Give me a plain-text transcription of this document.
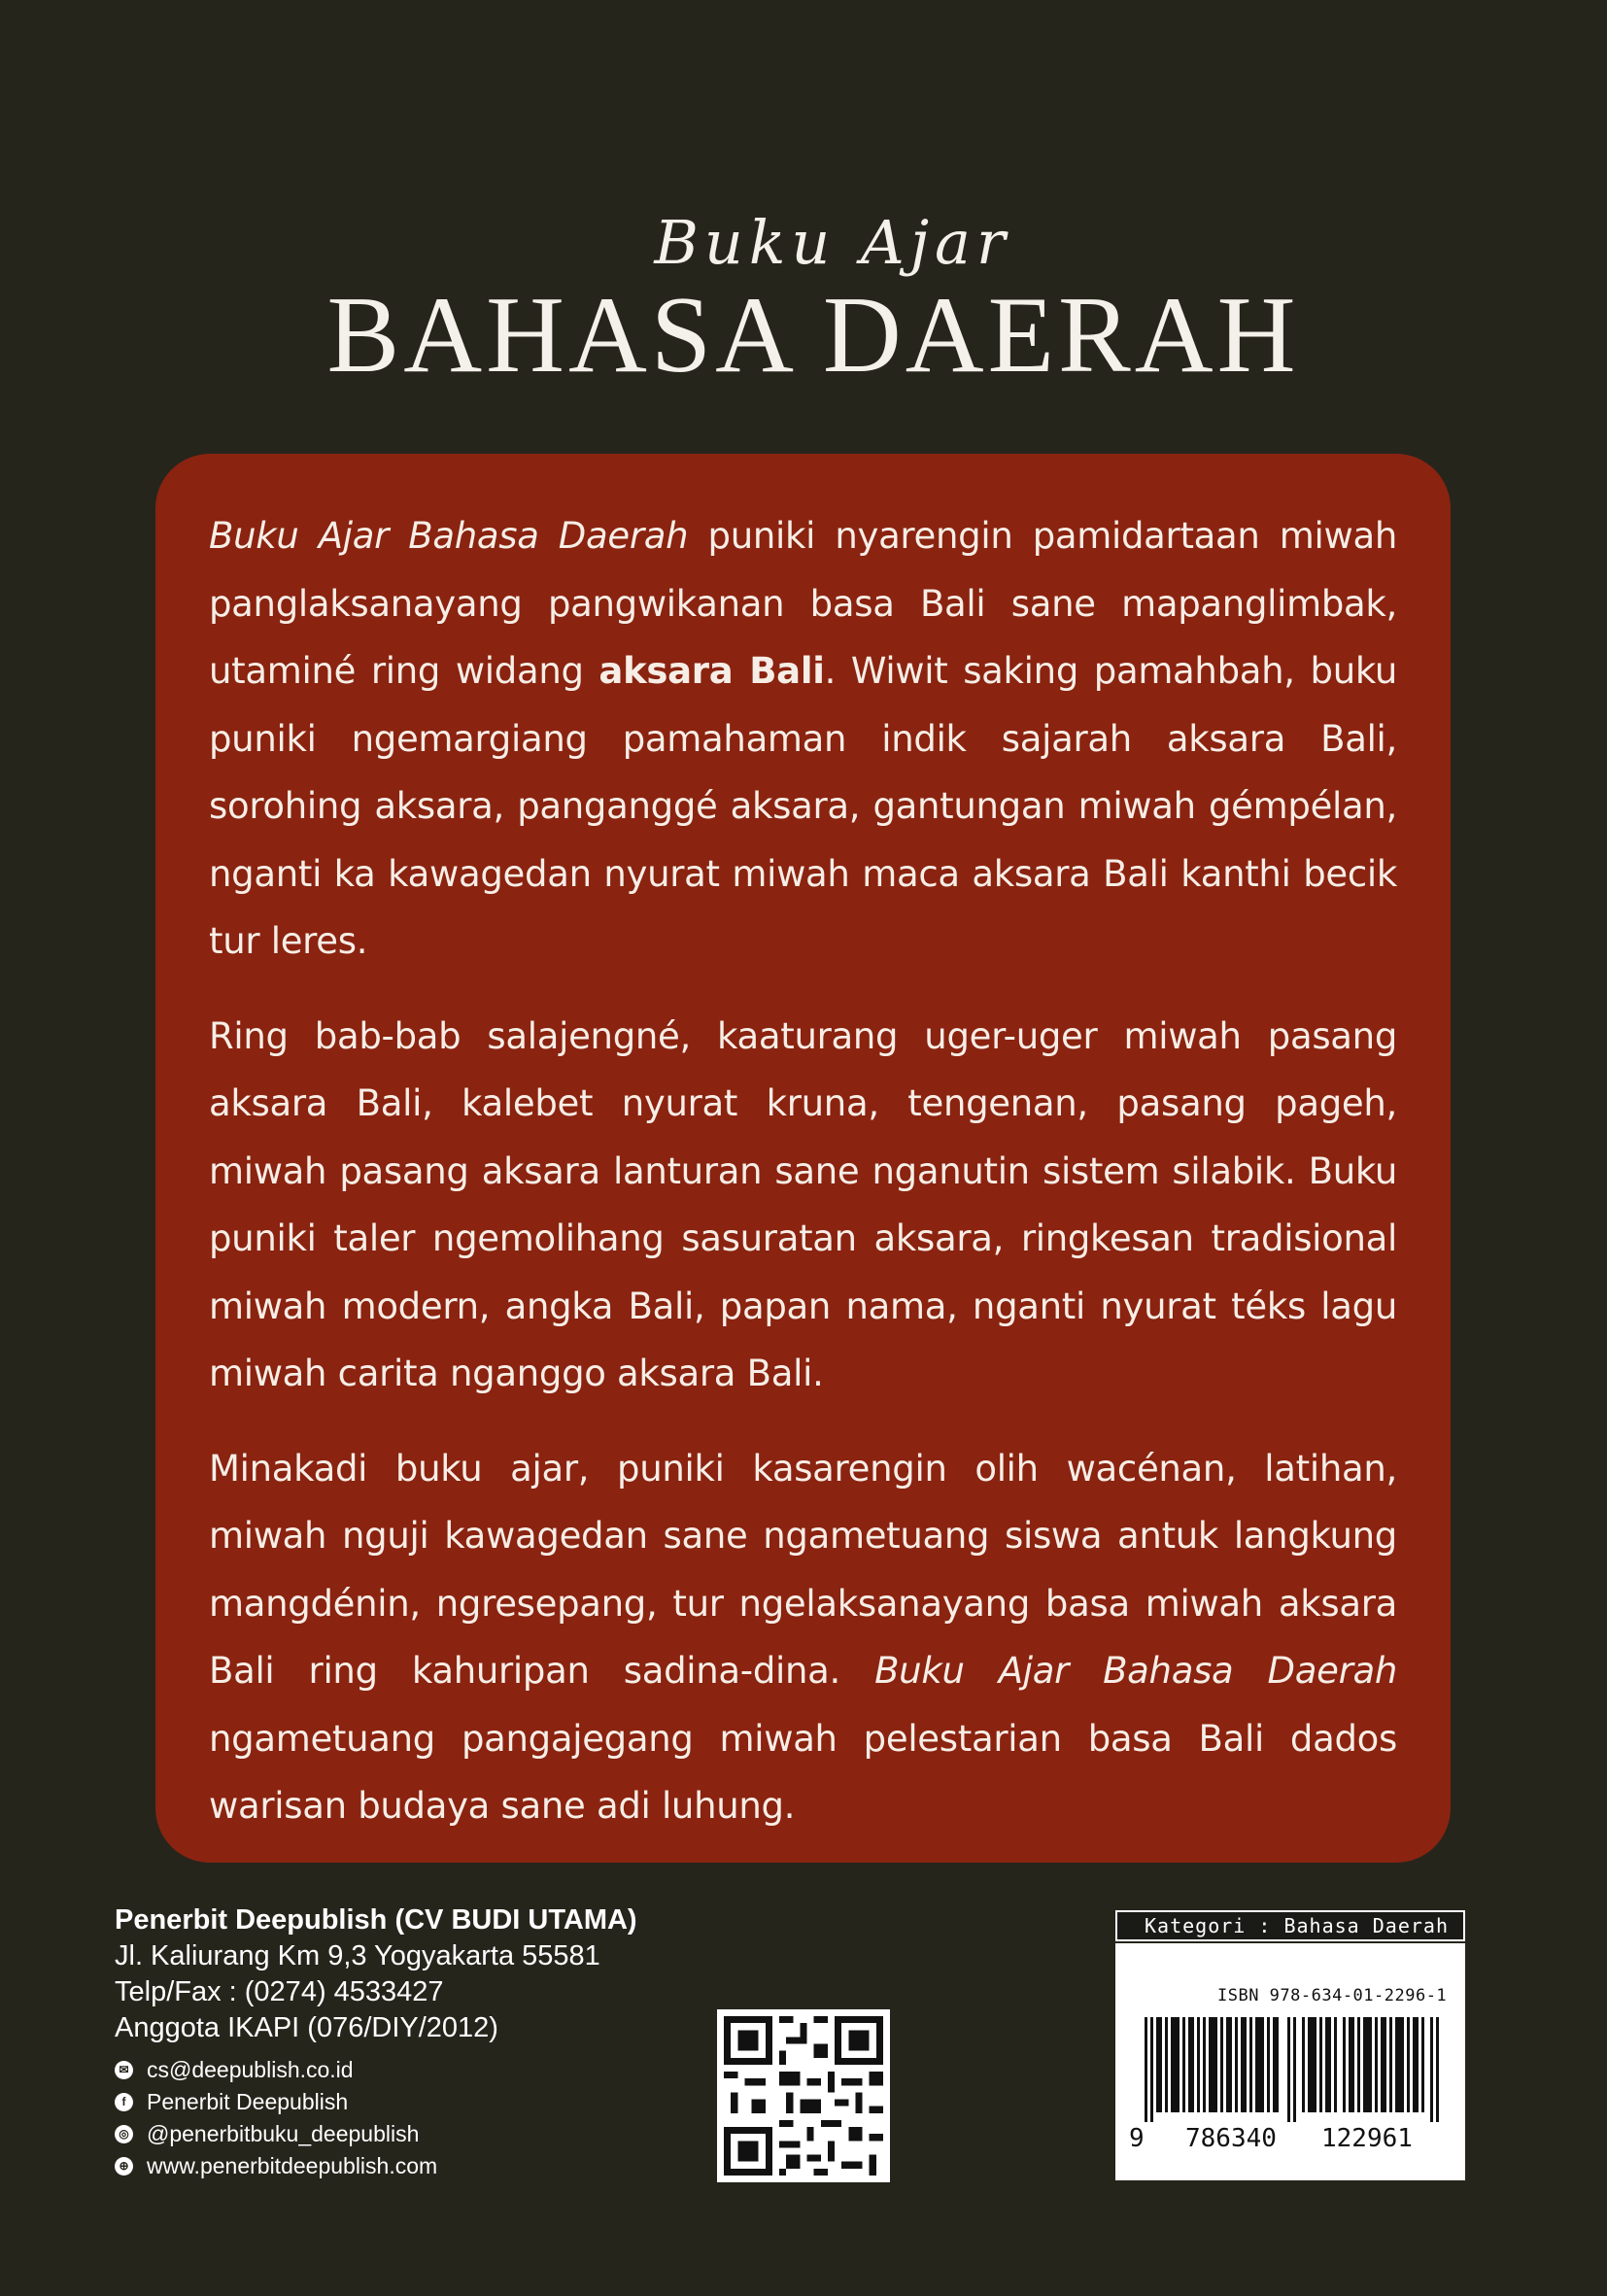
Buku Ajar
BAHASA DAERAH

Buku Ajar Bahasa Daerah puniki nyarengin pamidartaan miwah panglaksanayang pangwikanan basa Bali sane mapanglimbak, utaminé ring widang aksara Bali. Wiwit saking pamahbah, buku puniki ngemargiang pamahaman indik sajarah aksara Bali, sorohing aksara, panganggé aksara, gantungan miwah gémpélan, nganti ka kawagedan nyurat miwah maca aksara Bali kanthi becik tur leres.

Ring bab-bab salajengné, kaaturang uger-uger miwah pasang aksara Bali, kalebet nyurat kruna, tengenan, pasang pageh, miwah pasang aksara lanturan sane nganutin sistem silabik. Buku puniki taler ngemolihang sasuratan aksara, ringkesan tradisional miwah modern, angka Bali, papan nama, nganti nyurat téks lagu miwah carita nganggo aksara Bali.

Minakadi buku ajar, puniki kasarengin olih wacénan, latihan, miwah nguji kawagedan sane ngametuang siswa antuk langkung mangdénin, ngresepang, tur ngelaksanayang basa miwah aksara Bali ring kahuripan sadina-dina. Buku Ajar Bahasa Daerah ngametuang pangajegang miwah pelestarian basa Bali dados warisan budaya sane adi luhung.

Penerbit Deepublish (CV BUDI UTAMA)
Jl. Kaliurang Km 9,3 Yogyakarta 55581
Telp/Fax : (0274) 4533427
Anggota IKAPI (076/DIY/2012)
✉ cs@deepublish.co.id
f Penerbit Deepublish
◎ @penerbitbuku_deepublish
⊕ www.penerbitdeepublish.com
Kategori : Bahasa Daerah
ISBN 978-634-01-2296-1
9 786340 122961
